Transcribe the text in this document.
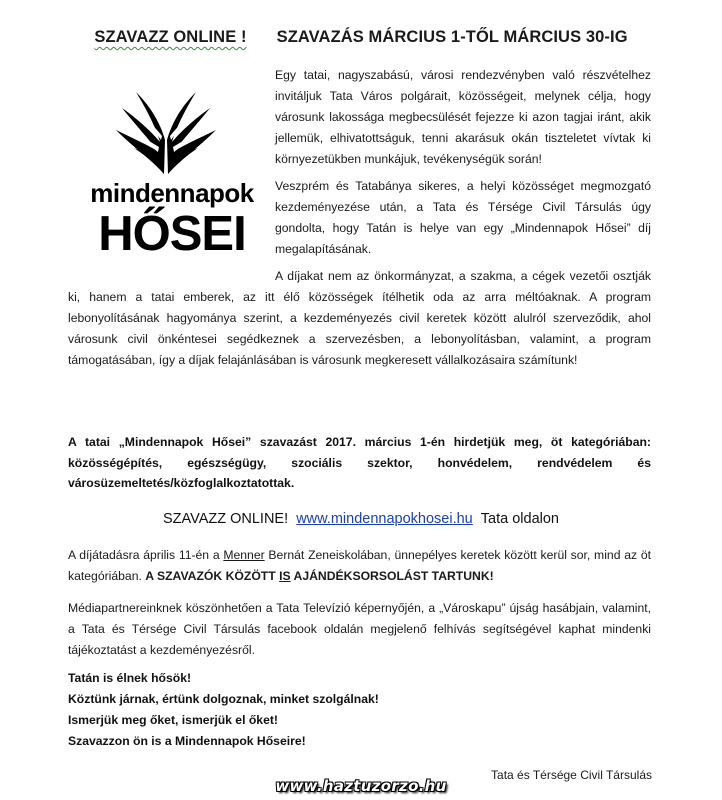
SZAVAZZ ONLINE ! SZAVAZÁS MÁRCIUS 1-TŐL MÁRCIUS 30-IG
mindennapok
HŐSEI
Egy tatai, nagyszabású, városi rendezvényben való részvételhez invitáljuk Tata Város polgárait, közösségeit, melynek célja, hogy városunk lakossága megbecsülését fejezze ki azon tagjai iránt, akik jellemük, elhivatottságuk, tenni akarásuk okán tiszteletet vívtak ki környezetükben munkájuk, tevékenységük során!
Veszprém és Tatabánya sikeres, a helyi közösséget megmozgató kezdeményezése után, a Tata és Térsége Civil Társulás úgy gondolta, hogy Tatán is helye van egy „Mindennapok Hősei” díj megalapításának.
A díjakat nem az önkormányzat, a szakma, a cégek vezetői osztják ki, hanem a tatai emberek, az itt élő közösségek ítélhetik oda az arra méltóaknak. A program lebonyolításának hagyománya szerint, a kezdeményezés civil keretek között alulról szerveződik, ahol városunk civil önkéntesei segédkeznek a szervezésben, a lebonyolításban, valamint, a program támogatásában, így a díjak felajánlásában is városunk megkeresett vállalkozásaira számítunk!
A tatai „Mindennapok Hősei” szavazást 2017. március 1-én hirdetjük meg, öt kategóriában: közösségépítés, egészségügy, szociális szektor, honvédelem, rendvédelem és városüzemeltetés/közfoglalkoztatottak.
SZAVAZZ ONLINE! www.mindennapokhosei.hu Tata oldalon
A díjátadásra április 11-én a Menner Bernát Zeneiskolában, ünnepélyes keretek között kerül sor, mind az öt kategóriában. A SZAVAZÓK KÖZÖTT IS AJÁNDÉKSORSOLÁST TARTUNK!
Médiapartnereinknek köszönhetően a Tata Televízió képernyőjén, a „Városkapu” újság hasábjain, valamint, a Tata és Térsége Civil Társulás facebook oldalán megjelenő felhívás segítségével kaphat mindenki tájékoztatást a kezdeményezésről.
Tatán is élnek hősök!
Köztünk járnak, értünk dolgoznak, minket szolgálnak!
Ismerjük meg őket, ismerjük el őket!
Szavazzon ön is a Mindennapok Hőseire!
Tata és Térsége Civil Társulás
www.haztuzorzo.hu
